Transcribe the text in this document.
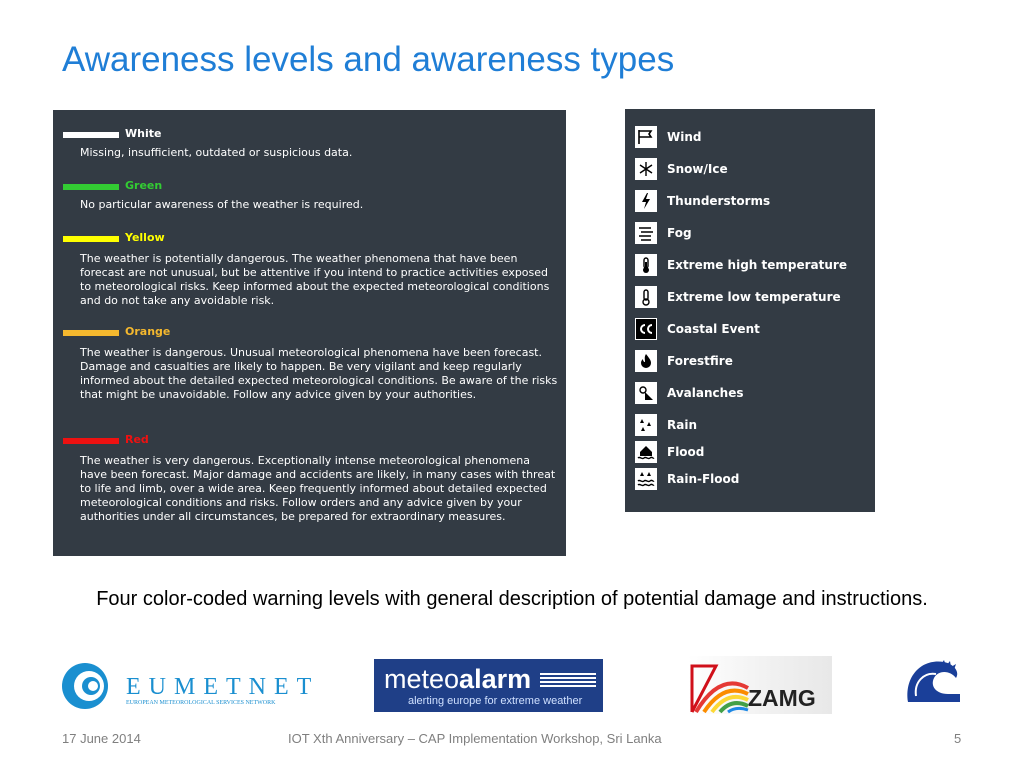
Awareness levels and awareness types
White
Missing, insufficient, outdated or suspicious data.
Green
No particular awareness of the weather is required.
Yellow
The weather is potentially dangerous. The weather phenomena that have been forecast are not unusual, but be attentive if you intend to practice activities exposed to meteorological risks. Keep informed about the expected meteorological conditions and do not take any avoidable risk.
Orange
The weather is dangerous. Unusual meteorological phenomena have been forecast. Damage and casualties are likely to happen. Be very vigilant and keep regularly informed about the detailed expected meteorological conditions. Be aware of the risks that might be unavoidable. Follow any advice given by your authorities.
Red
The weather is very dangerous. Exceptionally intense meteorological phenomena have been forecast. Major damage and accidents are likely, in many cases with threat to life and limb, over a wide area. Keep frequently informed about detailed expected meteorological conditions and risks. Follow orders and any advice given by your authorities under all circumstances, be prepared for extraordinary measures.
Wind
Snow/Ice
Thunderstorms
Fog
Extreme high temperature
Extreme low temperature
Coastal Event
Forestfire
Avalanches
Rain
Flood
Rain-Flood
Four color-coded warning levels with general description of potential damage and instructions.
EUMETNET
EUROPEAN METEOROLOGICAL SERVICES NETWORK
meteoalarm
alerting europe for extreme weather	ZAMG
17 June 2014	IOT Xth Anniversary – CAP Implementation Workshop, Sri Lanka	5
